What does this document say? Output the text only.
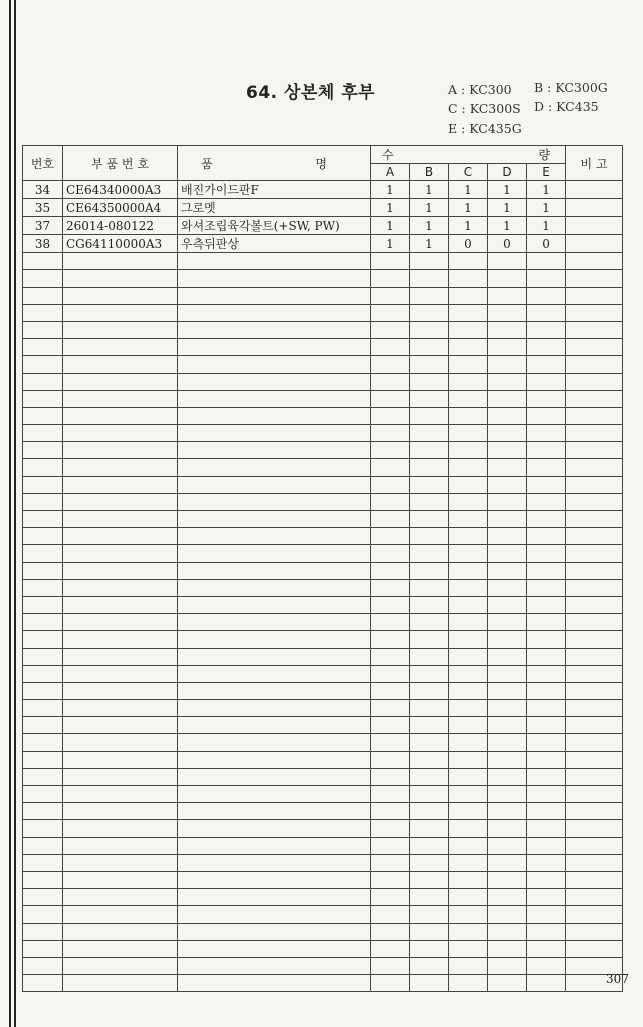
64. 상본체 후부	A : KC300 B : KC300G
C : KC300S D : KC435
E : KC435G
번호	부 품 번 호	품 명	수 량					비 고
			A	B	C	D	E	
34	CE64340000A3	배진가이드판F	1	1	1	1	1	
35	CE64350000A4	그로멧	1	1	1	1	1	
37	26014-080122	와셔조립육각볼트(+SW, PW)	1	1	1	1	1	
38	CG64110000A3	우측뒤판상	1	1	0	0	0	

307
